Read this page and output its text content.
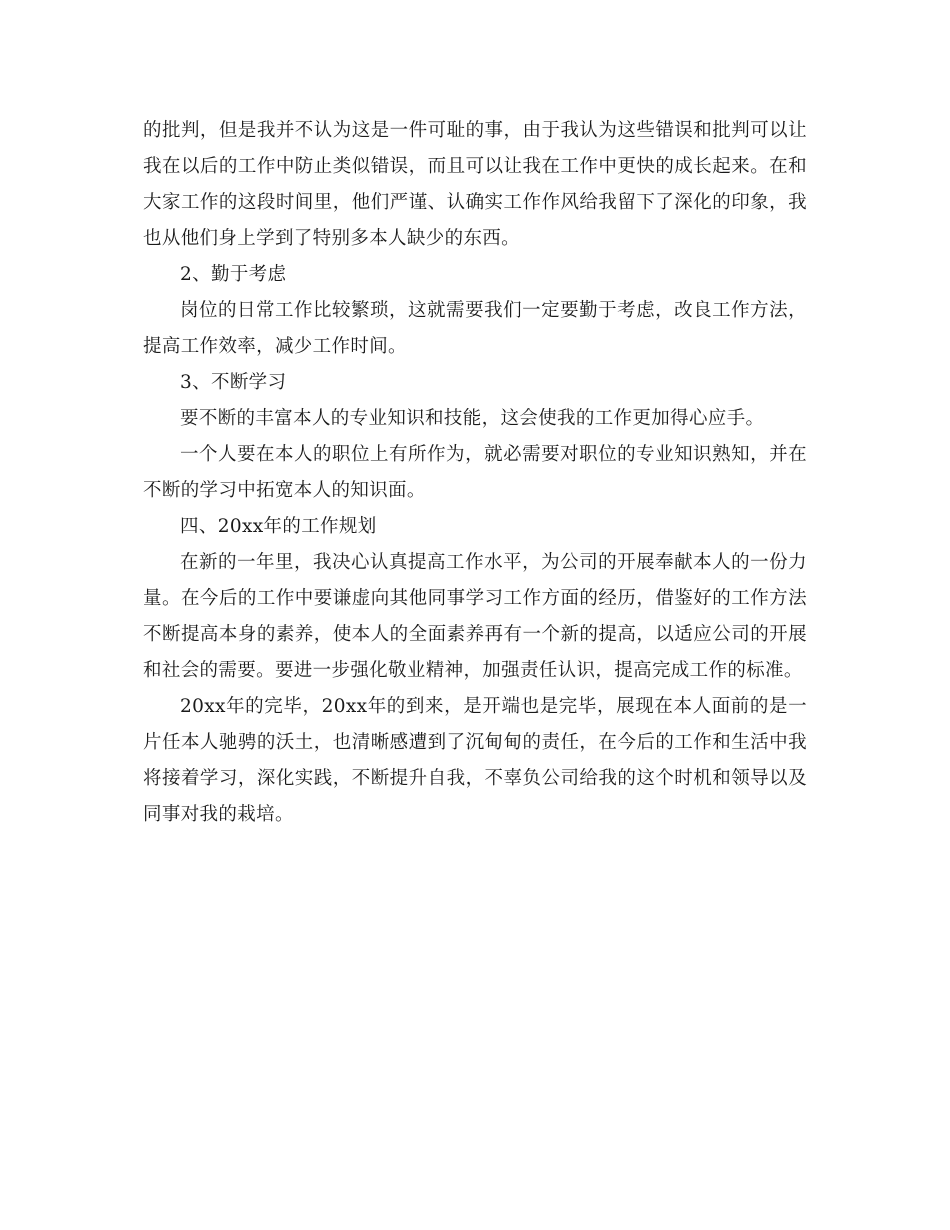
的批判，但是我并不认为这是一件可耻的事，由于我认为这些错误和批判可以让我在以后的工作中防止类似错误，而且可以让我在工作中更快的成长起来。在和大家工作的这段时间里，他们严谨、认确实工作作风给我留下了深化的印象，我也从他们身上学到了特别多本人缺少的东西。

2、勤于考虑

岗位的日常工作比较繁琐，这就需要我们一定要勤于考虑，改良工作方法，提高工作效率，减少工作时间。

3、不断学习

要不断的丰富本人的专业知识和技能，这会使我的工作更加得心应手。

一个人要在本人的职位上有所作为，就必需要对职位的专业知识熟知，并在不断的学习中拓宽本人的知识面。

四、20xx年的工作规划

在新的一年里，我决心认真提高工作水平，为公司的开展奉献本人的一份力量。在今后的工作中要谦虚向其他同事学习工作方面的经历，借鉴好的工作方法不断提高本身的素养，使本人的全面素养再有一个新的提高，以适应公司的开展和社会的需要。要进一步强化敬业精神，加强责任认识，提高完成工作的标准。

20xx年的完毕，20xx年的到来，是开端也是完毕，展现在本人面前的是一片任本人驰骋的沃土，也清晰感遭到了沉甸甸的责任，在今后的工作和生活中我将接着学习，深化实践，不断提升自我，不辜负公司给我的这个时机和领导以及同事对我的栽培。
